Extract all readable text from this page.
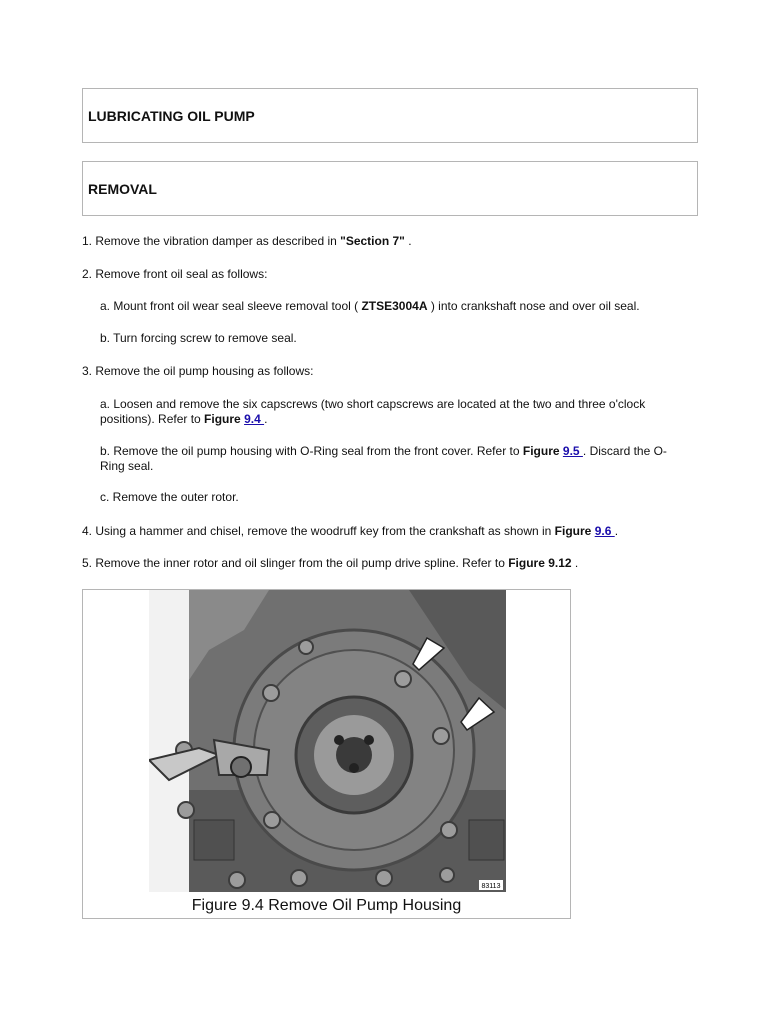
LUBRICATING OIL PUMP
REMOVAL
1. Remove the vibration damper as described in "Section 7" .
2. Remove front oil seal as follows:
a. Mount front oil wear seal sleeve removal tool ( ZTSE3004A ) into crankshaft nose and over oil seal.
b. Turn forcing screw to remove seal.
3. Remove the oil pump housing as follows:
a. Loosen and remove the six capscrews (two short capscrews are located at the two and three o'clock
positions). Refer to Figure 9.4 .
b. Remove the oil pump housing with O-Ring seal from the front cover. Refer to Figure 9.5 . Discard the O-
Ring seal.
c. Remove the outer rotor.
4. Using a hammer and chisel, remove the woodruff key from the crankshaft as shown in Figure 9.6 .
5. Remove the inner rotor and oil slinger from the oil pump drive spline. Refer to Figure 9.12 .
83113
Figure 9.4 Remove Oil Pump Housing
